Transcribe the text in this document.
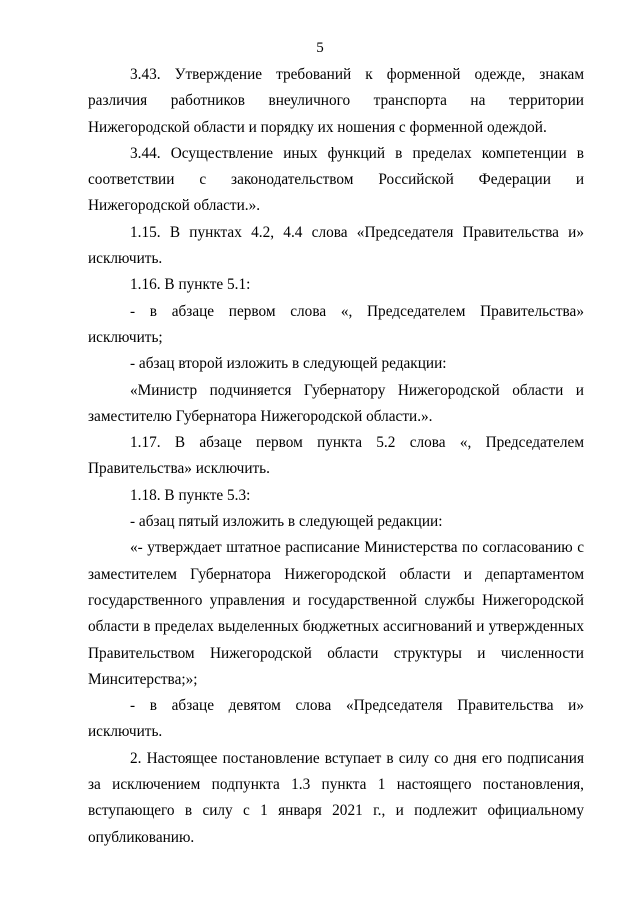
5

3.43. Утверждение требований к форменной одежде, знакам различия работников внеуличного транспорта на территории Нижегородской области и порядку их ношения с форменной одеждой.

3.44. Осуществление иных функций в пределах компетенции в соответствии с законодательством Российской Федерации и Нижегородской области.».

1.15. В пунктах 4.2, 4.4 слова «Председателя Правительства и» исключить.

1.16. В пункте 5.1:

- в абзаце первом слова «, Председателем Правительства» исключить;

- абзац второй изложить в следующей редакции:

«Министр подчиняется Губернатору Нижегородской области и заместителю Губернатора Нижегородской области.».

1.17. В абзаце первом пункта 5.2 слова «, Председателем Правительства» исключить.

1.18. В пункте 5.3:

- абзац пятый изложить в следующей редакции:

«- утверждает штатное расписание Министерства по согласованию с заместителем Губернатора Нижегородской области и департаментом государственного управления и государственной службы Нижегородской области в пределах выделенных бюджетных ассигнований и утвержденных Правительством Нижегородской области структуры и численности Минситерства;»;

- в абзаце девятом слова «Председателя Правительства и» исключить.

2. Настоящее постановление вступает в силу со дня его подписания за исключением подпункта 1.3 пункта 1 настоящего постановления, вступающего в силу с 1 января 2021 г., и подлежит официальному опубликованию.
